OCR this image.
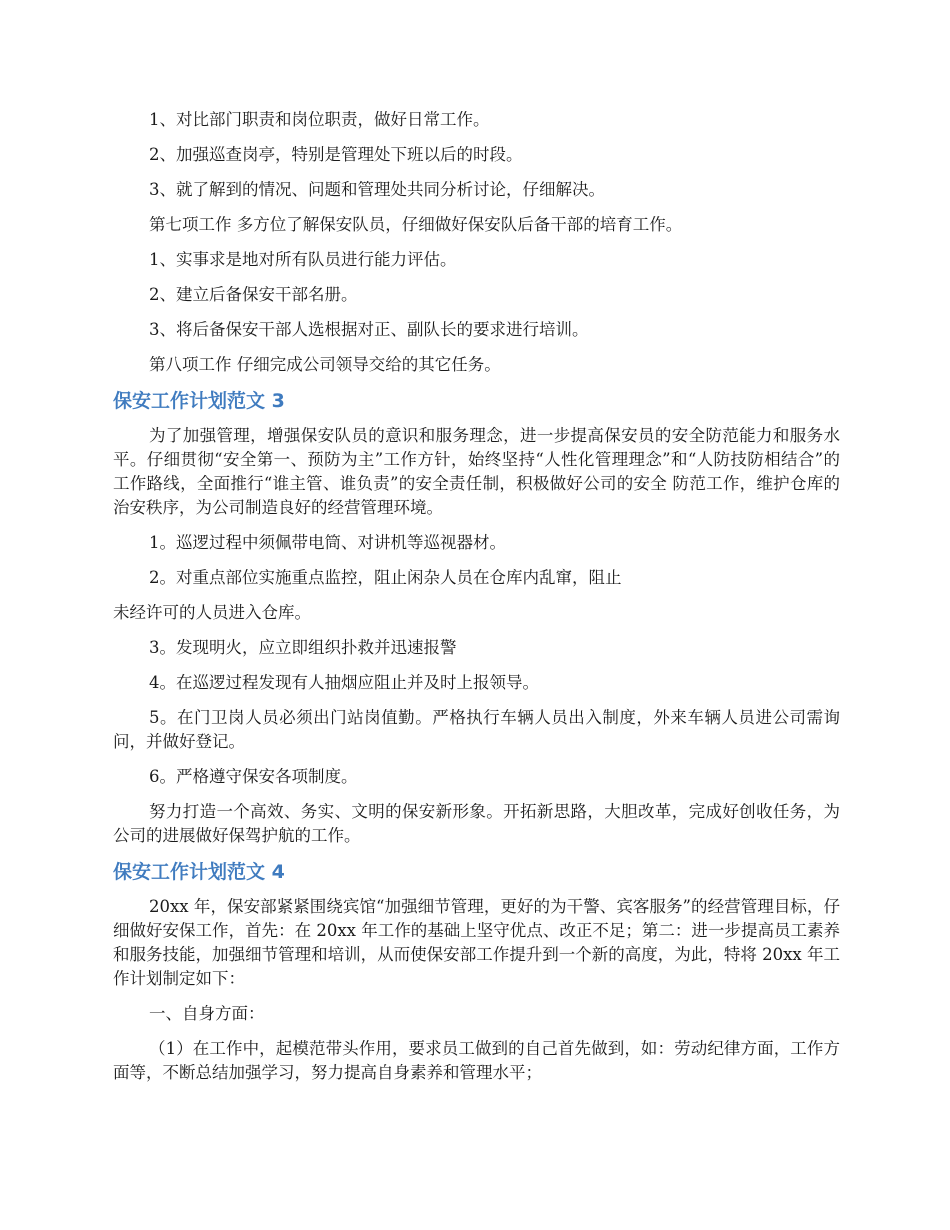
1、对比部门职责和岗位职责，做好日常工作。

2、加强巡查岗亭，特别是管理处下班以后的时段。

3、就了解到的情况、问题和管理处共同分析讨论，仔细解决。

第七项工作 多方位了解保安队员，仔细做好保安队后备干部的培育工作。

1、实事求是地对所有队员进行能力评估。

2、建立后备保安干部名册。

3、将后备保安干部人选根据对正、副队长的要求进行培训。

第八项工作 仔细完成公司领导交给的其它任务。

保安工作计划范文 3

为了加强管理，增强保安队员的意识和服务理念，进一步提高保安员的安全防范能力和服务水平。仔细贯彻“安全第一、预防为主”工作方针，始终坚持“人性化管理理念”和“人防技防相结合”的工作路线，全面推行“谁主管、谁负责”的安全责任制，积极做好公司的安全 防范工作，维护仓库的治安秩序，为公司制造良好的经营管理环境。

1。巡逻过程中须佩带电筒、对讲机等巡视器材。

2。对重点部位实施重点监控，阻止闲杂人员在仓库内乱窜，阻止

未经许可的人员进入仓库。

3。发现明火，应立即组织扑救并迅速报警

4。在巡逻过程发现有人抽烟应阻止并及时上报领导。

5。在门卫岗人员必须出门站岗值勤。严格执行车辆人员出入制度，外来车辆人员进公司需询问，并做好登记。

6。严格遵守保安各项制度。

努力打造一个高效、务实、文明的保安新形象。开拓新思路，大胆改革，完成好创收任务，为公司的进展做好保驾护航的工作。

保安工作计划范文 4

20xx 年，保安部紧紧围绕宾馆“加强细节管理，更好的为干警、宾客服务”的经营管理目标，仔细做好安保工作，首先：在 20xx 年工作的基础上坚守优点、改正不足；第二：进一步提高员工素养和服务技能，加强细节管理和培训，从而使保安部工作提升到一个新的高度，为此，特将 20xx 年工作计划制定如下：

一、自身方面：

（1）在工作中，起模范带头作用，要求员工做到的自己首先做到，如：劳动纪律方面，工作方面等，不断总结加强学习，努力提高自身素养和管理水平；
